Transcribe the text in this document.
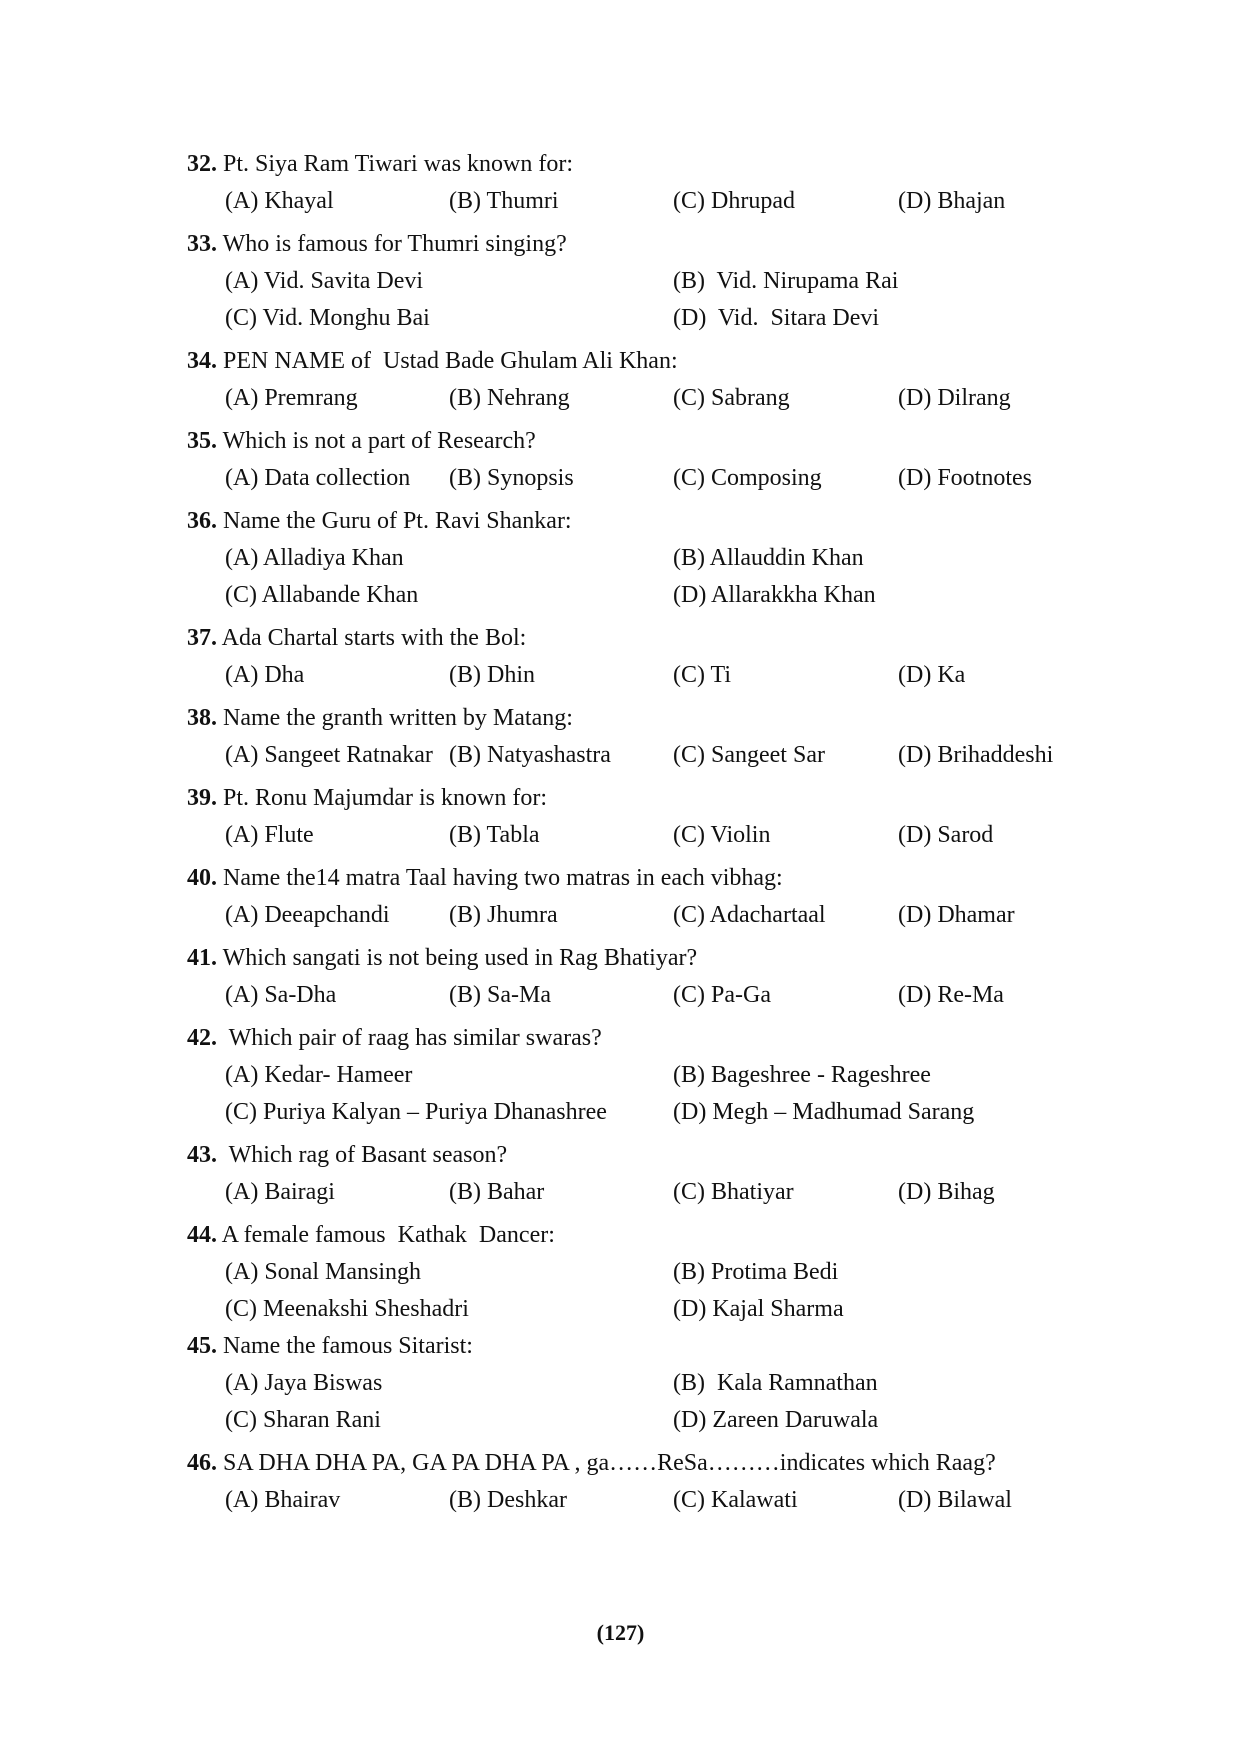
32. Pt. Siya Ram Tiwari was known for:
(A) Khayal	(B) Thumri	(C) Dhrupad	(D) Bhajan
33. Who is famous for Thumri singing?
(A) Vid. Savita Devi	(B)  Vid. Nirupama Rai
(C) Vid. Monghu Bai	(D)  Vid.  Sitara Devi
34. PEN NAME of  Ustad Bade Ghulam Ali Khan:
(A) Premrang	(B) Nehrang	(C) Sabrang	(D) Dilrang
35. Which is not a part of Research?
(A) Data collection (B) Synopsis	(C) Composing	(D) Footnotes
36. Name the Guru of Pt. Ravi Shankar:
(A) Alladiya Khan	(B) Allauddin Khan
(C) Allabande Khan	(D) Allarakkha Khan
37. Ada Chartal starts with the Bol:
(A) Dha	(B) Dhin	(C) Ti	(D) Ka
38. Name the granth written by Matang:
(A) Sangeet Ratnakar (B) Natyashastra	(C) Sangeet Sar	(D) Brihaddeshi
39. Pt. Ronu Majumdar is known for:
(A) Flute	(B) Tabla	(C) Violin	(D) Sarod
40. Name the14 matra Taal having two matras in each vibhag:
(A) Deeapchandi (B) Jhumra	(C) Adachartaal	(D) Dhamar
41. Which sangati is not being used in Rag Bhatiyar?
(A) Sa-Dha	(B) Sa-Ma	(C) Pa-Ga	(D) Re-Ma
42.  Which pair of raag has similar swaras?
(A) Kedar- Hameer	(B) Bageshree - Rageshree
(C) Puriya Kalyan – Puriya Dhanashree	(D) Megh – Madhumad Sarang
43.  Which rag of Basant season?
(A) Bairagi	(B) Bahar	(C) Bhatiyar	(D) Bihag
44. A female famous  Kathak  Dancer:
(A) Sonal Mansingh	(B) Protima Bedi
(C) Meenakshi Sheshadri	(D) Kajal Sharma
45. Name the famous Sitarist:
(A) Jaya Biswas	(B)  Kala Ramnathan
(C) Sharan Rani	(D) Zareen Daruwala
46. SA DHA DHA PA, GA PA DHA PA , ga……ReSa………indicates which Raag?
(A) Bhairav	(B) Deshkar	(C) Kalawati	(D) Bilawal
(127)
